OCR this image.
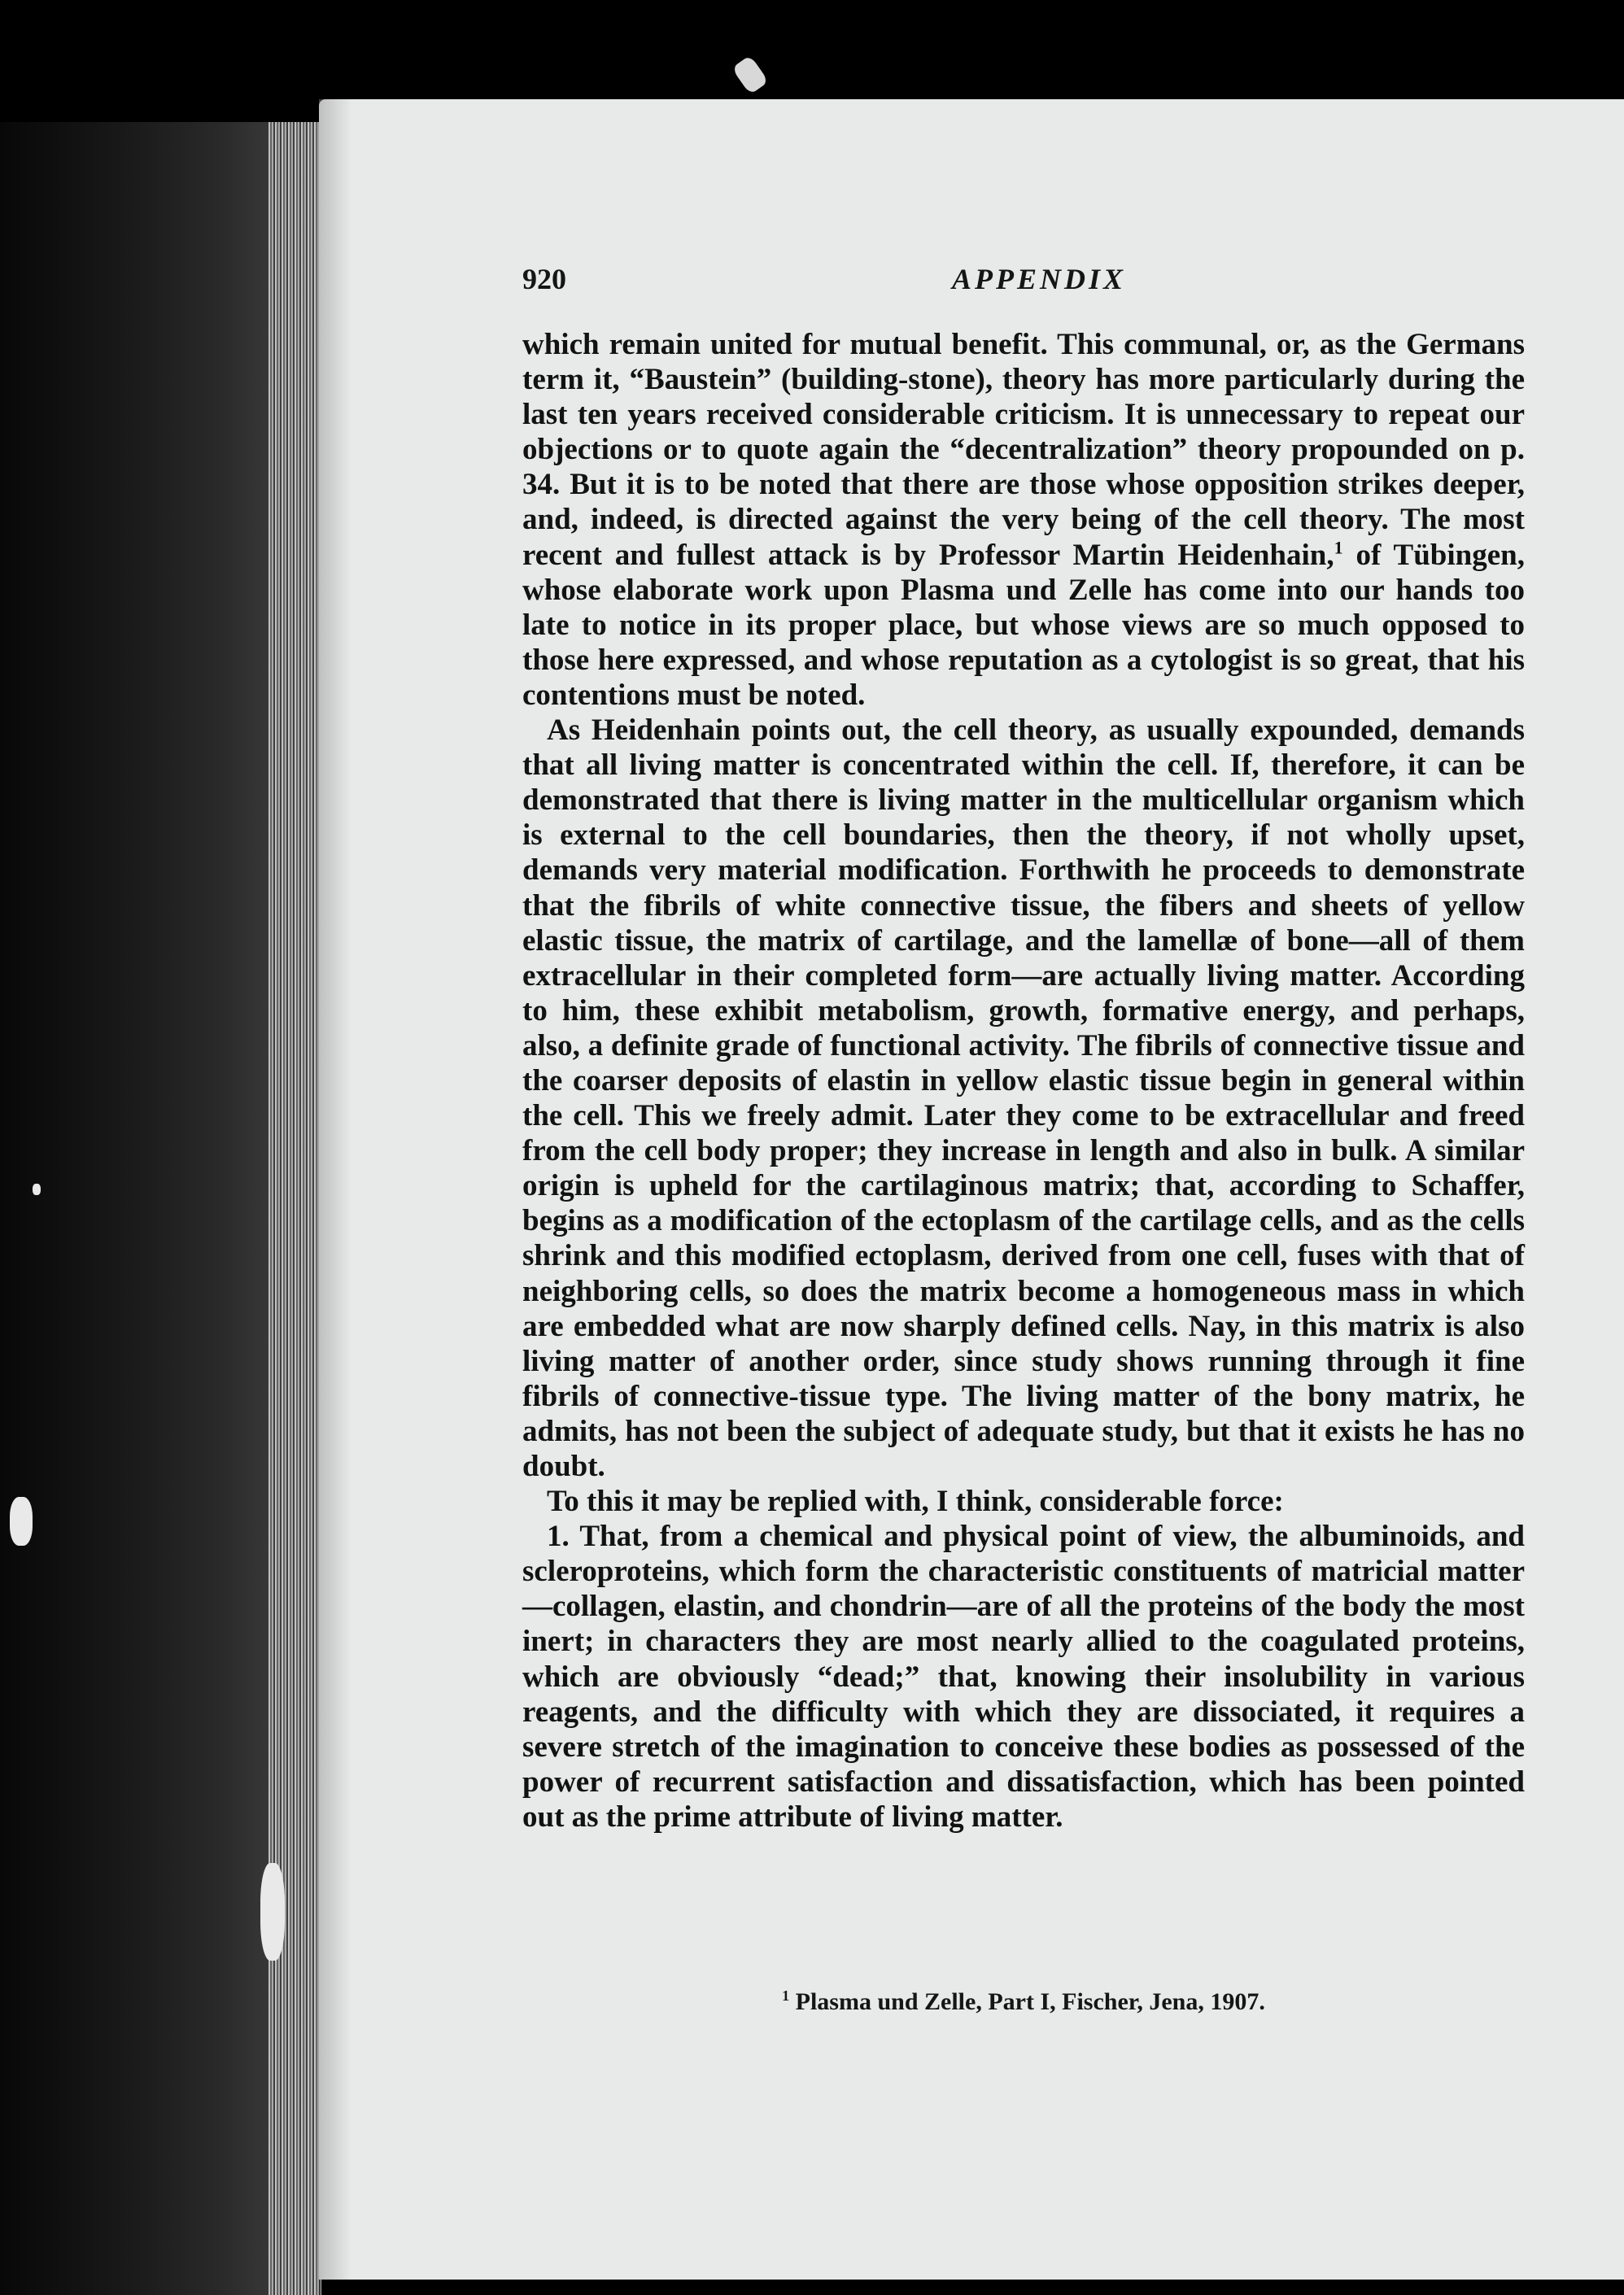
920	APPENDIX

which remain united for mutual benefit. This communal, or, as the Germans term it, “Baustein” (building-stone), theory has more particularly during the last ten years received considerable criticism. It is unnecessary to repeat our objections or to quote again the “decentralization” theory propounded on p. 34. But it is to be noted that there are those whose opposition strikes deeper, and, indeed, is directed against the very being of the cell theory. The most recent and fullest attack is by Professor Martin Heidenhain,$^1$ of Tübingen, whose elaborate work upon Plasma und Zelle has come into our hands too late to notice in its proper place, but whose views are so much opposed to those here expressed, and whose reputation as a cytologist is so great, that his contentions must be noted.

As Heidenhain points out, the cell theory, as usually expounded, demands that all living matter is concentrated within the cell. If, therefore, it can be demonstrated that there is living matter in the multicellular organism which is external to the cell boundaries, then the theory, if not wholly upset, demands very material modification. Forthwith he proceeds to demonstrate that the fibrils of white connective tissue, the fibers and sheets of yellow elastic tissue, the matrix of cartilage, and the lamellæ of bone—all of them extracellular in their completed form—are actually living matter. According to him, these exhibit metabolism, growth, formative energy, and perhaps, also, a definite grade of functional activity. The fibrils of connective tissue and the coarser deposits of elastin in yellow elastic tissue begin in general within the cell. This we freely admit. Later they come to be extracellular and freed from the cell body proper; they increase in length and also in bulk. A similar origin is upheld for the cartilaginous matrix; that, according to Schaffer, begins as a modification of the ectoplasm of the cartilage cells, and as the cells shrink and this modified ectoplasm, derived from one cell, fuses with that of neighboring cells, so does the matrix become a homogeneous mass in which are embedded what are now sharply defined cells. Nay, in this matrix is also living matter of another order, since study shows running through it fine fibrils of connective-tissue type. The living matter of the bony matrix, he admits, has not been the subject of adequate study, but that it exists he has no doubt.

To this it may be replied with, I think, considerable force:

1. That, from a chemical and physical point of view, the albuminoids, and scleroproteins, which form the characteristic constituents of matricial matter—collagen, elastin, and chondrin—are of all the proteins of the body the most inert; in characters they are most nearly allied to the coagulated proteins, which are obviously “dead;” that, knowing their insolubility in various reagents, and the difficulty with which they are dissociated, it requires a severe stretch of the imagination to conceive these bodies as possessed of the power of recurrent satisfaction and dissatisfaction, which has been pointed out as the prime attribute of living matter.

$^1$ Plasma und Zelle, Part I, Fischer, Jena, 1907.
